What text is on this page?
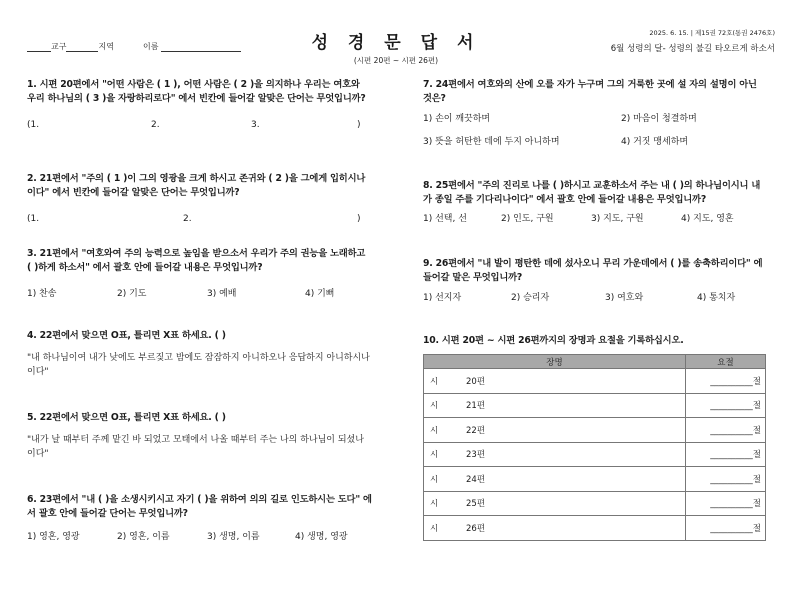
교구	지역	이름	성 경 문 답 서
(시편 20편 ~ 시편 26편)
2025. 6. 15. | 제15권 72호(통권 2476호)
6월 성령의 달- 성령의 불길 타오르게 하소서
1. 시편 20편에서 "어떤 사람은 ( 1 ), 어떤 사람은 ( 2 )을 의지하나 우리는 여호와 우리 하나님의 ( 3 )을 자랑하리로다" 에서 빈칸에 들어갈 알맞은 단어는 무엇입니까?
(1.	2.	3.	)
2. 21편에서 "주의 ( 1 )이 그의 영광을 크게 하시고 존귀와 ( 2 )을 그에게 입히시나이다" 에서 빈칸에 들어갈 알맞은 단어는 무엇입니까?
(1.	2.	)
3. 21편에서 "여호와여 주의 능력으로 높임을 받으소서 우리가 주의 권능을 노래하고 ( )하게 하소서" 에서 괄호 안에 들어갈 내용은 무엇입니까?
1) 찬송	2) 기도	3) 예배	4) 기뻐
4. 22편에서 맞으면 O표, 틀리면 X표 하세요. ( )
"내 하나님이여 내가 낮에도 부르짖고 밤에도 잠잠하지 아니하오나 응답하지 아니하시나이다"
5. 22편에서 맞으면 O표, 틀리면 X표 하세요. ( )
"내가 날 때부터 주께 맡긴 바 되었고 모태에서 나올 때부터 주는 나의 하나님이 되셨나이다"
6. 23편에서 "내 ( )을 소생시키시고 자기 ( )을 위하여 의의 길로 인도하시는 도다" 에서 괄호 안에 들어갈 단어는 무엇입니까?
1) 영혼, 영광	2) 영혼, 이름	3) 생명, 이름	4) 생명, 영광
7. 24편에서 여호와의 산에 오를 자가 누구며 그의 거룩한 곳에 설 자의 설명이 아닌 것은?
1) 손이 깨끗하며	2) 마음이 청결하며
3) 뜻을 허탄한 데에 두지 아니하며	4) 거짓 맹세하며
8. 25편에서 "주의 진리로 나를 ( )하시고 교훈하소서 주는 내 ( )의 하나님이시니 내가 종일 주를 기다리나이다" 에서 괄호 안에 들어갈 내용은 무엇입니까?
1) 선택, 선	2) 인도, 구원	3) 지도, 구원	4) 지도, 영혼
9. 26편에서 "내 발이 평탄한 데에 섰사오니 무리 가운데에서 ( )를 송축하리이다" 에 들어갈 말은 무엇입니까?
1) 선지자	2) 승리자	3) 여호와	4) 통치자
10. 시편 20편 ~ 시편 26편까지의 장명과 요절을 기록하십시오.
장명	요절
시 20편	__________절
시 21편	__________절
시 22편	__________절
시 23편	__________절
시 24편	__________절
시 25편	__________절
시 26편	__________절
